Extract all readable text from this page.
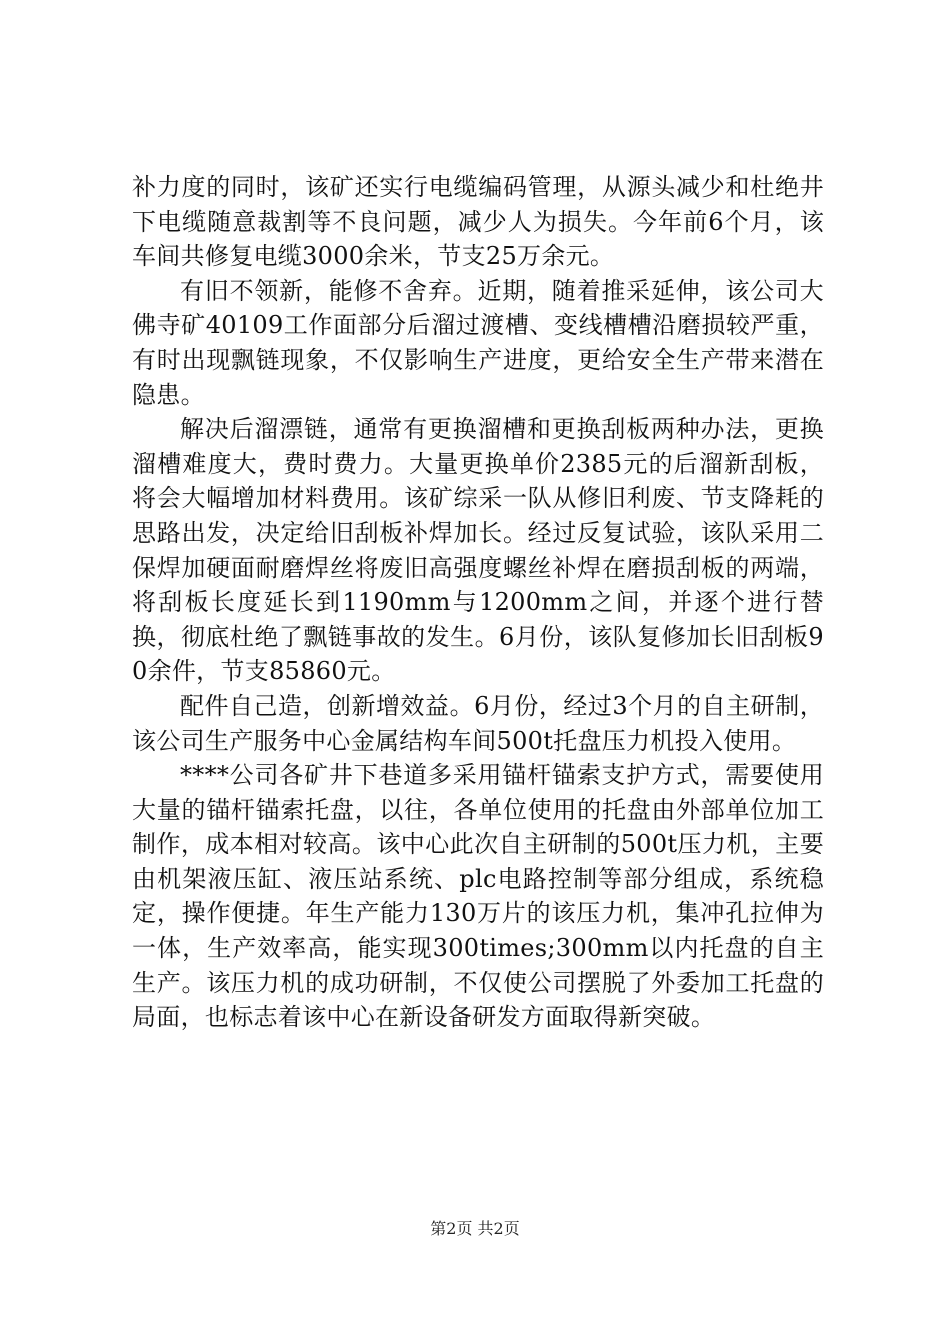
补力度的同时，该矿还实行电缆编码管理，从源头减少和杜绝井下电缆随意裁割等不良问题，减少人为损失。今年前6个月，该车间共修复电缆3000余米，节支25万余元。

有旧不领新，能修不舍弃。近期，随着推采延伸，该公司大佛寺矿40109工作面部分后溜过渡槽、变线槽槽沿磨损较严重，有时出现飘链现象，不仅影响生产进度，更给安全生产带来潜在隐患。

解决后溜漂链，通常有更换溜槽和更换刮板两种办法，更换溜槽难度大，费时费力。大量更换单价2385元的后溜新刮板，将会大幅增加材料费用。该矿综采一队从修旧利废、节支降耗的思路出发，决定给旧刮板补焊加长。经过反复试验，该队采用二保焊加硬面耐磨焊丝将废旧高强度螺丝补焊在磨损刮板的两端，将刮板长度延长到1190mm与1200mm之间，并逐个进行替换，彻底杜绝了飘链事故的发生。6月份，该队复修加长旧刮板90余件，节支85860元。

配件自己造，创新增效益。6月份，经过3个月的自主研制，该公司生产服务中心金属结构车间500t托盘压力机投入使用。

****公司各矿井下巷道多采用锚杆锚索支护方式，需要使用大量的锚杆锚索托盘，以往，各单位使用的托盘由外部单位加工制作，成本相对较高。该中心此次自主研制的500t压力机，主要由机架液压缸、液压站系统、plc电路控制等部分组成，系统稳定，操作便捷。年生产能力130万片的该压力机，集冲孔拉伸为一体，生产效率高，能实现300times;300mm以内托盘的自主生产。该压力机的成功研制，不仅使公司摆脱了外委加工托盘的局面，也标志着该中心在新设备研发方面取得新突破。

第2页 共2页
